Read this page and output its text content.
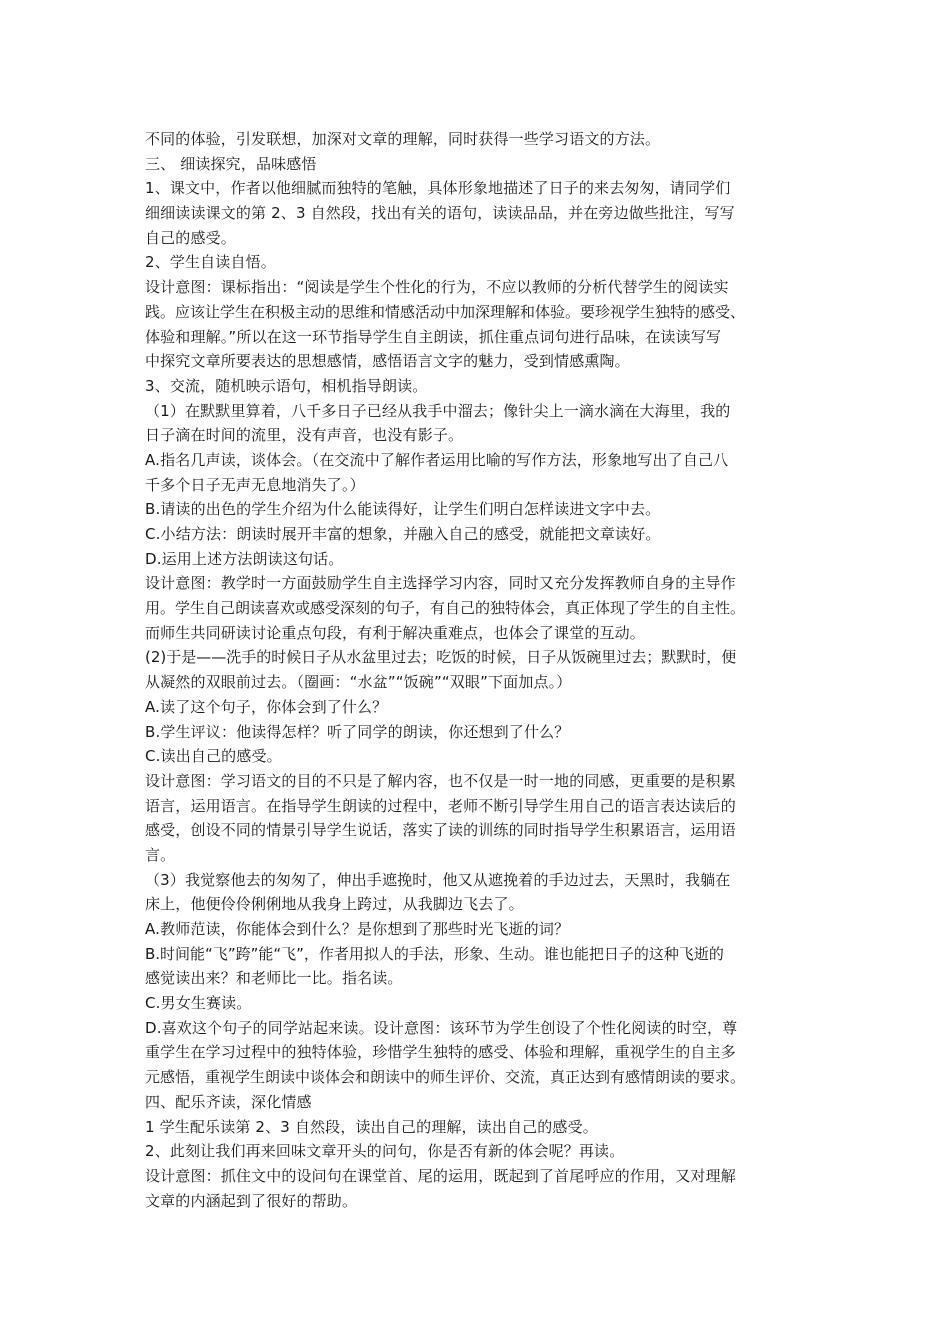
不同的体验，引发联想，加深对文章的理解，同时获得一些学习语文的方法。
三、 细读探究，品味感悟
1、课文中，作者以他细腻而独特的笔触，具体形象地描述了日子的来去匆匆，请同学们
细细读读课文的第 2、3 自然段，找出有关的语句，读读品品，并在旁边做些批注，写写
自己的感受。
2、学生自读自悟。
设计意图：课标指出：“阅读是学生个性化的行为，不应以教师的分析代替学生的阅读实
践。应该让学生在积极主动的思维和情感活动中加深理解和体验。要珍视学生独特的感受、
体验和理解。”所以在这一环节指导学生自主朗读，抓住重点词句进行品味，在读读写写
中探究文章所要表达的思想感情，感悟语言文字的魅力，受到情感熏陶。
3、交流，随机映示语句，相机指导朗读。
（1）在默默里算着，八千多日子已经从我手中溜去；像针尖上一滴水滴在大海里，我的
日子滴在时间的流里，没有声音，也没有影子。
A.指名几声读，谈体会。（在交流中了解作者运用比喻的写作方法，形象地写出了自己八
千多个日子无声无息地消失了。）
B.请读的出色的学生介绍为什么能读得好，让学生们明白怎样读进文字中去。
C.小结方法：朗读时展开丰富的想象，并融入自己的感受，就能把文章读好。
D.运用上述方法朗读这句话。
设计意图：教学时一方面鼓励学生自主选择学习内容，同时又充分发挥教师自身的主导作
用。学生自己朗读喜欢或感受深刻的句子，有自己的独特体会，真正体现了学生的自主性。
而师生共同研读讨论重点句段，有利于解决重难点，也体会了课堂的互动。
(2)于是——洗手的时候日子从水盆里过去；吃饭的时候，日子从饭碗里过去；默默时，便
从凝然的双眼前过去。（圈画：“水盆”“饭碗”“双眼”下面加点。）
A.读了这个句子，你体会到了什么？
B.学生评议：他读得怎样？听了同学的朗读，你还想到了什么？
C.读出自己的感受。
设计意图：学习语文的目的不只是了解内容，也不仅是一时一地的同感，更重要的是积累
语言，运用语言。在指导学生朗读的过程中，老师不断引导学生用自己的语言表达读后的
感受，创设不同的情景引导学生说话，落实了读的训练的同时指导学生积累语言，运用语
言。
（3）我觉察他去的匆匆了，伸出手遮挽时，他又从遮挽着的手边过去，天黑时，我躺在
床上，他便伶伶俐俐地从我身上跨过，从我脚边飞去了。
A.教师范读，你能体会到什么？是你想到了那些时光飞逝的词？
B.时间能“飞”跨”能“飞”，作者用拟人的手法，形象、生动。谁也能把日子的这种飞逝的
感觉读出来？和老师比一比。指名读。
C.男女生赛读。
D.喜欢这个句子的同学站起来读。设计意图：该环节为学生创设了个性化阅读的时空，尊
重学生在学习过程中的独特体验，珍惜学生独特的感受、体验和理解，重视学生的自主多
元感悟，重视学生朗读中谈体会和朗读中的师生评价、交流，真正达到有感情朗读的要求。
四、配乐齐读，深化情感
1 学生配乐读第 2、3 自然段，读出自己的理解，读出自己的感受。
2、此刻让我们再来回味文章开头的问句，你是否有新的体会呢？再读。
设计意图：抓住文中的设问句在课堂首、尾的运用，既起到了首尾呼应的作用，又对理解
文章的内涵起到了很好的帮助。
